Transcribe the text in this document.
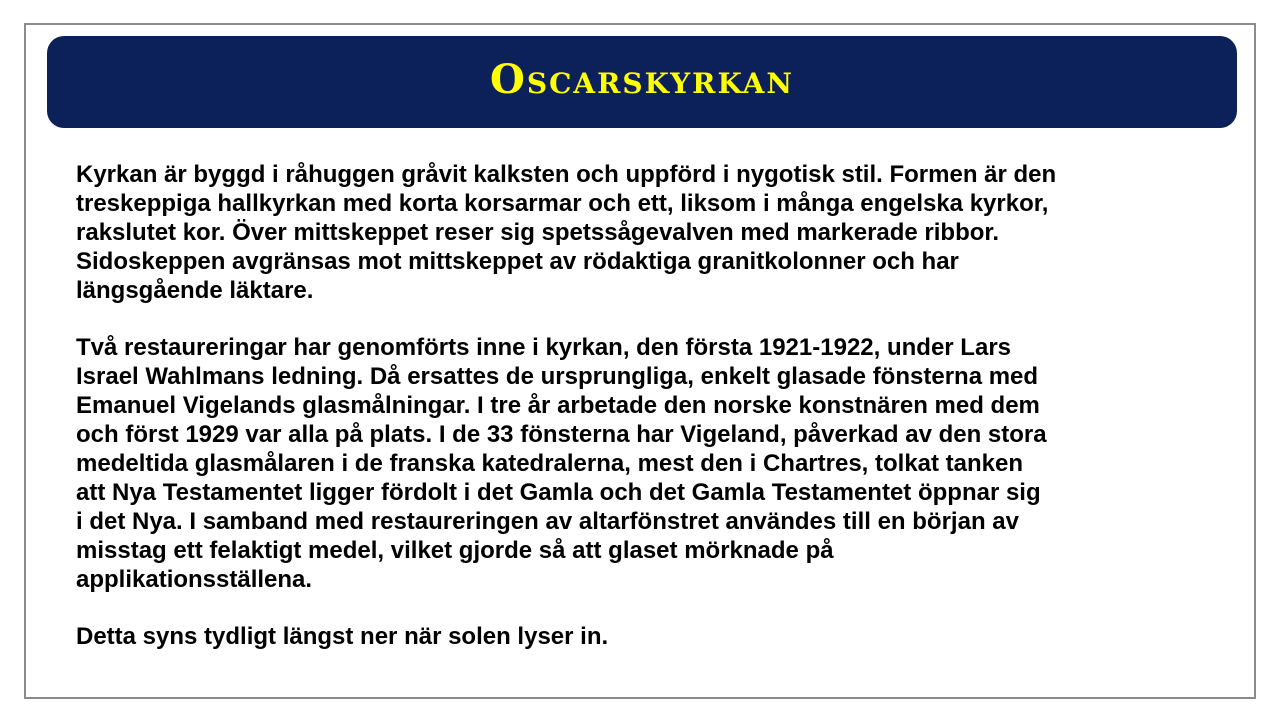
Oscarskyrkan
Kyrkan är byggd i råhuggen gråvit kalksten och uppförd i nygotisk stil. Formen är den
treskeppiga hallkyrkan med korta korsarmar och ett, liksom i många engelska kyrkor,
rakslutet kor. Över mittskeppet reser sig spetssågevalven med markerade ribbor.
Sidoskeppen avgränsas mot mittskeppet av rödaktiga granitkolonner och har
längsgående läktare.
Två restaureringar har genomförts inne i kyrkan, den första 1921-1922, under Lars
Israel Wahlmans ledning. Då ersattes de ursprungliga, enkelt glasade fönsterna med
Emanuel Vigelands glasmålningar. I tre år arbetade den norske konstnären med dem
och först 1929 var alla på plats. I de 33 fönsterna har Vigeland, påverkad av den stora
medeltida glasmålaren i de franska katedralerna, mest den i Chartres, tolkat tanken
att Nya Testamentet ligger fördolt i det Gamla och det Gamla Testamentet öppnar sig
i det Nya. I samband med restaureringen av altarfönstret användes till en början av
misstag ett felaktigt medel, vilket gjorde så att glaset mörknade på
applikationsställena.
Detta syns tydligt längst ner när solen lyser in.
